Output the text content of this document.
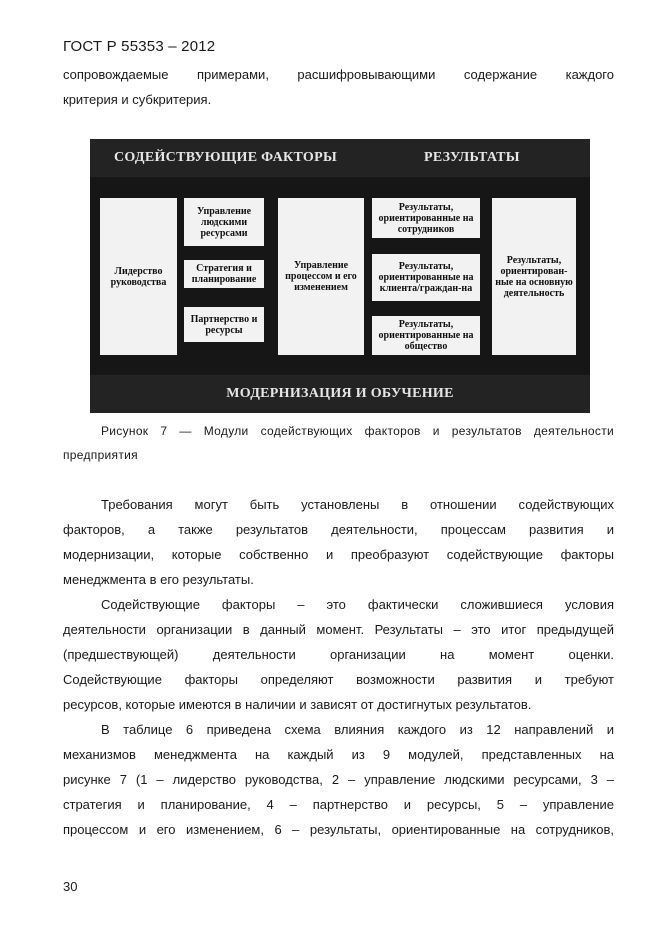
ГОСТ Р 55353 – 2012
сопровождаемые примерами, расшифровывающими содержание каждого
критерия и субкритерия.
СОДЕЙСТВУЮЩИЕ ФАКТОРЫ	РЕЗУЛЬТАТЫ
Лидерство руководства
Управление людскими ресурсами
Стратегия и планирование
Партнерство и ресурсы
Управление процессом и его изменением
Результаты, ориентированные на сотрудников
Результаты, ориентированные на клиента/граждан-на
Результаты, ориентированные на общество
Результаты, ориентирован-ные на основную деятельность
МОДЕРНИЗАЦИЯ И ОБУЧЕНИЕ
Рисунок 7 — Модули содействующих факторов и результатов деятельности
предприятия
Требования могут быть установлены в отношении содействующих
факторов, а также результатов деятельности, процессам развития и
модернизации, которые собственно и преобразуют содействующие факторы
менеджмента в его результаты.
Содействующие факторы – это фактически сложившиеся условия
деятельности организации в данный момент. Результаты – это итог предыдущей
(предшествующей) деятельности организации на момент оценки.
Содействующие факторы определяют возможности развития и требуют
ресурсов, которые имеются в наличии и зависят от достигнутых результатов.
В таблице 6 приведена схема влияния каждого из 12 направлений и
механизмов менеджмента на каждый из 9 модулей, представленных на
рисунке 7 (1 – лидерство руководства, 2 – управление людскими ресурсами, 3 –
стратегия и планирование, 4 – партнерство и ресурсы, 5 – управление
процессом и его изменением, 6 – результаты, ориентированные на сотрудников,
30
